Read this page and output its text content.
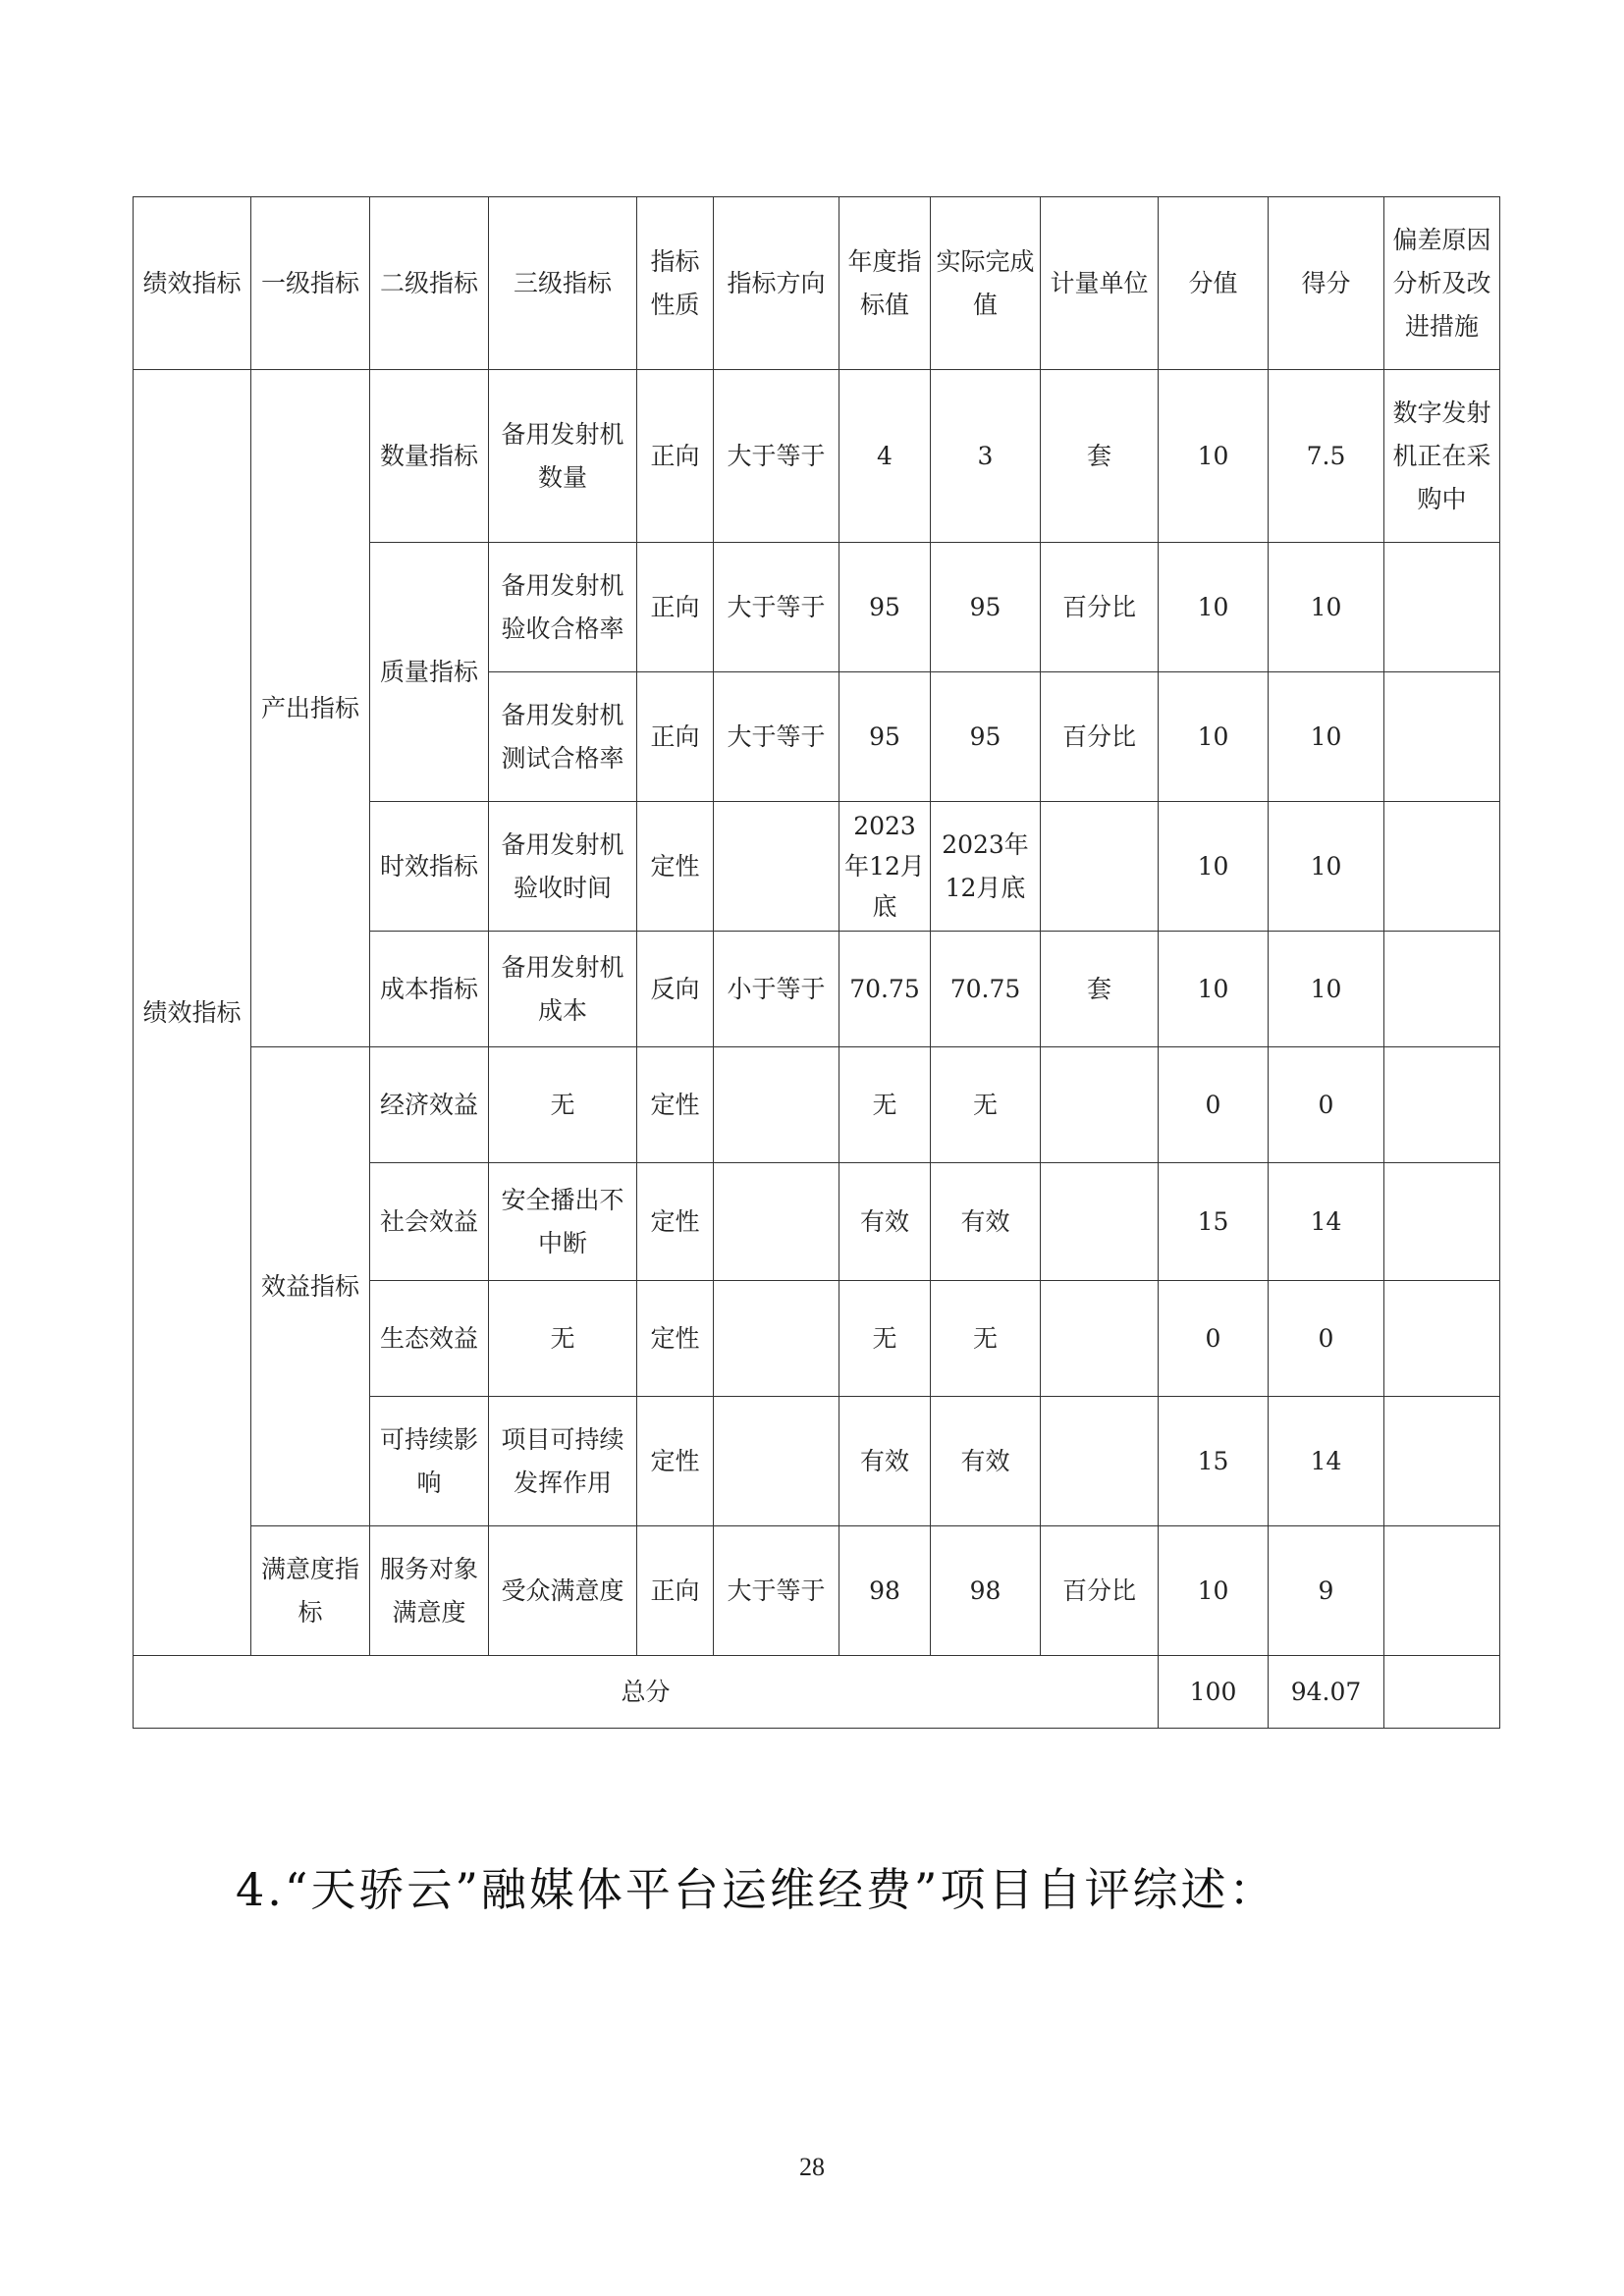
绩效指标	一级指标	二级指标	三级指标	指标性质	指标方向	年度指标值	实际完成值	计量单位	分值	得分	偏差原因分析及改进措施
绩效指标	产出指标	数量指标	备用发射机数量	正向	大于等于	4	3	套	10	7.5	数字发射机正在采购中
		质量指标	备用发射机验收合格率	正向	大于等于	95	95	百分比	10	10	
			备用发射机测试合格率	正向	大于等于	95	95	百分比	10	10	
		时效指标	备用发射机验收时间	定性		2023年12月底	2023年12月底		10	10	
		成本指标	备用发射机成本	反向	小于等于	70.75	70.75	套	10	10	
	效益指标	经济效益	无	定性		无	无		0	0	
		社会效益	安全播出不中断	定性		有效	有效		15	14	
		生态效益	无	定性		无	无		0	0	
		可持续影响	项目可持续发挥作用	定性		有效	有效		15	14	
	满意度指标	服务对象满意度	受众满意度	正向	大于等于	98	98	百分比	10	9	
总分									100	94.07	
4.“天骄云”融媒体平台运维经费”项目自评综述：
28
